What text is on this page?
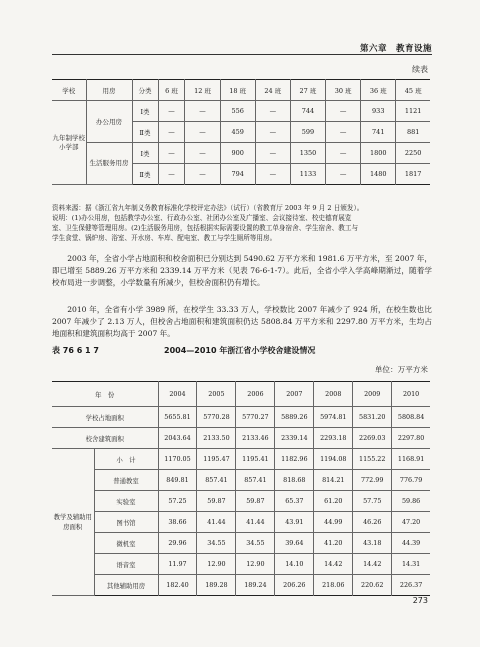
第六章　教育设施
续表
学校	用房	分类	6 班	12 班	18 班	24 班	27 班	30 班	36 班	45 班
九年制学校小学部	办公用房	Ⅰ类	—	—	556	—	744	—	933	1121
		Ⅱ类	—	—	459	—	599	—	741	881
	生活服务用房	Ⅰ类	—	—	900	—	1350	—	1800	2250
		Ⅱ类	—	—	794	—	1133	—	1480	1817
资料来源：据《浙江省九年制义务教育标准化学校评定办法》（试行）（省教育厅 2003 年 9 月 2 日颁发）。
说明：(1)办公用房，包括教学办公室、行政办公室、社团办公室及广播室、会议接待室、校史德育展览
室、卫生保健等管理用房。(2)生活服务用房，包括根据实际需要设置的教工单身宿舍、学生宿舍、教工与
学生食堂、锅炉房、浴室、开水房、车库、配电室、教工与学生厕所等用房。
2003 年，全省小学占地面积和校舍面积已分别达到 5490.62 万平方米和 1981.6 万平方米，至 2007 年，即已增至 5889.26 万平方米和 2339.14 万平方米（见表 76-6-1-7）。此后，全省小学入学高峰期渐过，随着学校布局进一步调整，小学数量有所减少，但校舍面积仍有增长。
2010 年，全省有小学 3989 所，在校学生 33.33 万人，学校数比 2007 年减少了 924 所，在校生数也比 2007 年减少了 2.13 万人，但校舍占地面积和建筑面积仍达 5808.84 万平方米和 2297.80 万平方米，生均占地面积和建筑面积均高于 2007 年。
表 76 6 1 7	2004—2010 年浙江省小学校舍建设情况
单位：万平方米
年　份		2004	2005	2006	2007	2008	2009	2010
学校占地面积		5655.81	5770.28	5770.27	5889.26	5974.81	5831.20	5808.84
校舍建筑面积		2043.64	2133.50	2133.46	2339.14	2293.18	2269.03	2297.80
教学及辅助用房面积	小　计	1170.05	1195.47	1195.41	1182.96	1194.08	1155.22	1168.91
	普通教室	849.81	857.41	857.41	818.68	814.21	772.99	776.79
	实验室	57.25	59.87	59.87	65.37	61.20	57.75	59.86
	图书馆	38.66	41.44	41.44	43.91	44.99	46.26	47.20
	微机室	29.96	34.55	34.55	39.64	41.20	43.18	44.39
	语音室	11.97	12.90	12.90	14.10	14.42	14.42	14.31
	其他辅助用房	182.40	189.28	189.24	206.26	218.06	220.62	226.37
273
